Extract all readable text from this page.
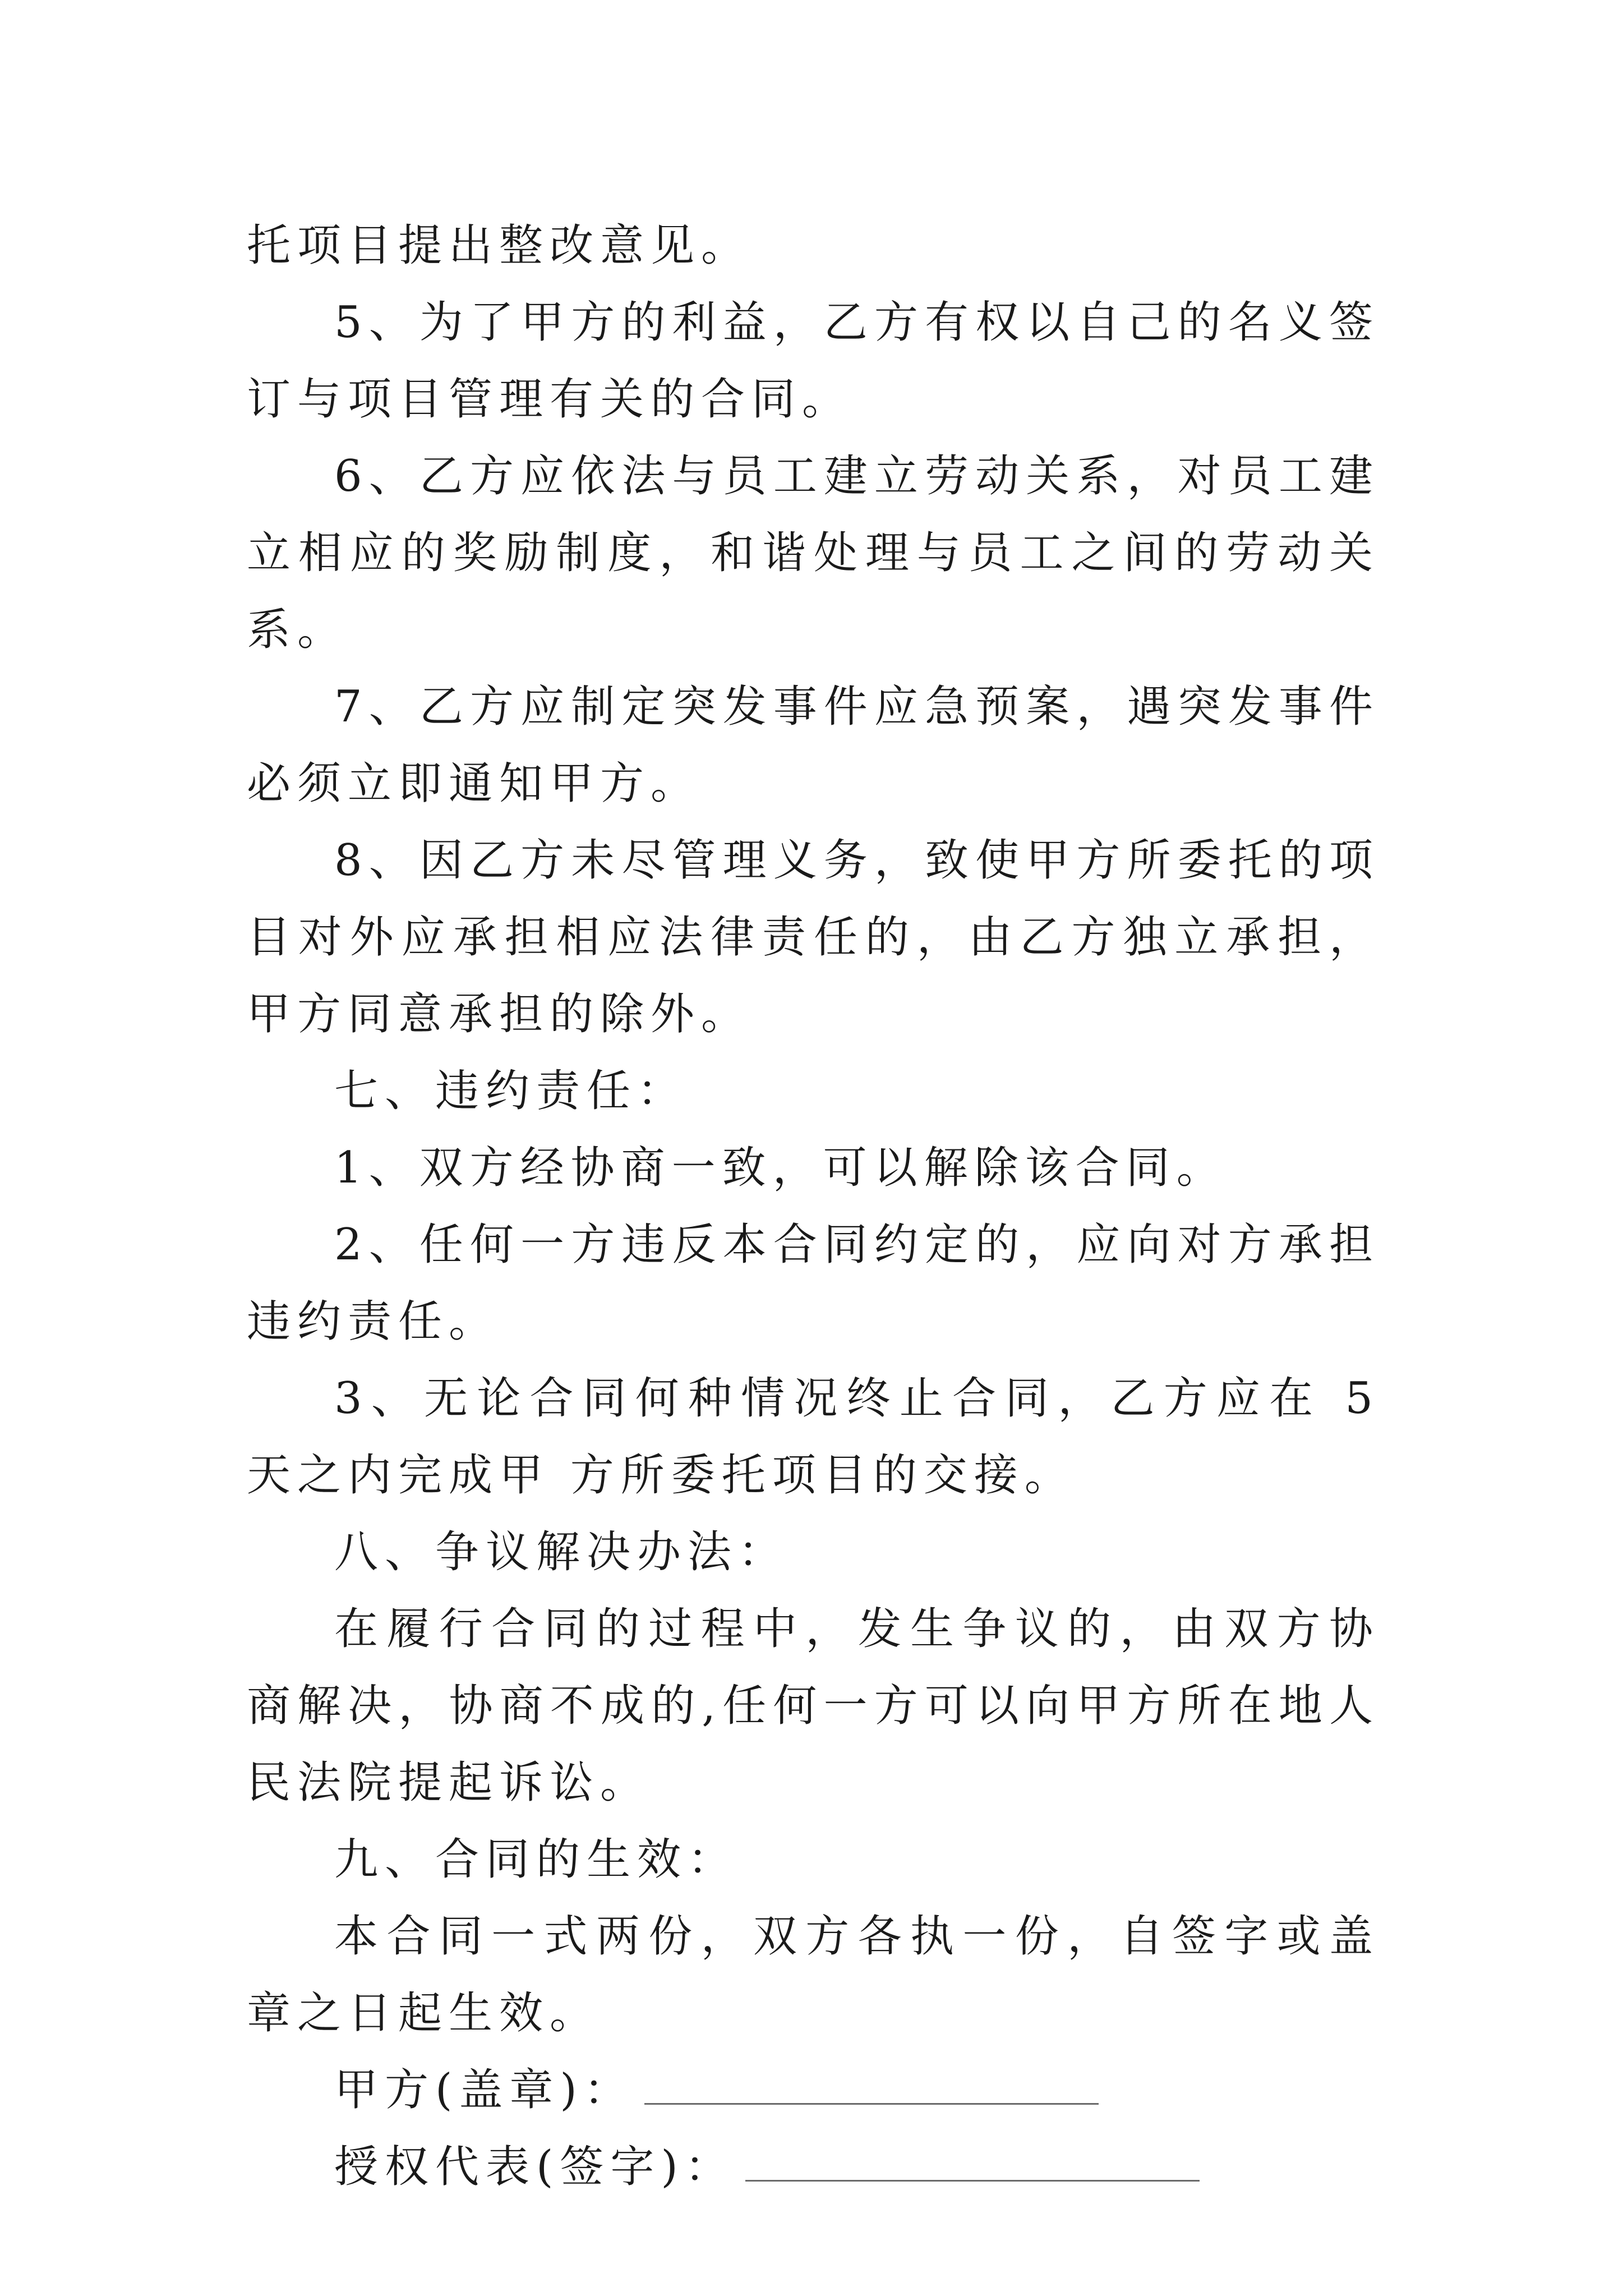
托项目提出整改意见。

5、为了甲方的利益，乙方有权以自己的名义签订与项目管理有关的合同。

6、乙方应依法与员工建立劳动关系，对员工建立相应的奖励制度，和谐处理与员工之间的劳动关系。

7、乙方应制定突发事件应急预案，遇突发事件必须立即通知甲方。

8、因乙方未尽管理义务，致使甲方所委托的项目对外应承担相应法律责任的，由乙方独立承担，甲方同意承担的除外。

七、违约责任：

1、双方经协商一致，可以解除该合同。

2、任何一方违反本合同约定的，应向对方承担违约责任。

3、无论合同何种情况终止合同，乙方应在 5 天之内完成甲 方所委托项目的交接。

八、争议解决办法：

在履行合同的过程中，发生争议的，由双方协商解决，协商不成的,任何一方可以向甲方所在地人民法院提起诉讼。

九、合同的生效：

本合同一式两份，双方各执一份，自签字或盖章之日起生效。

甲方(盖章)：
授权代表(签字)：
